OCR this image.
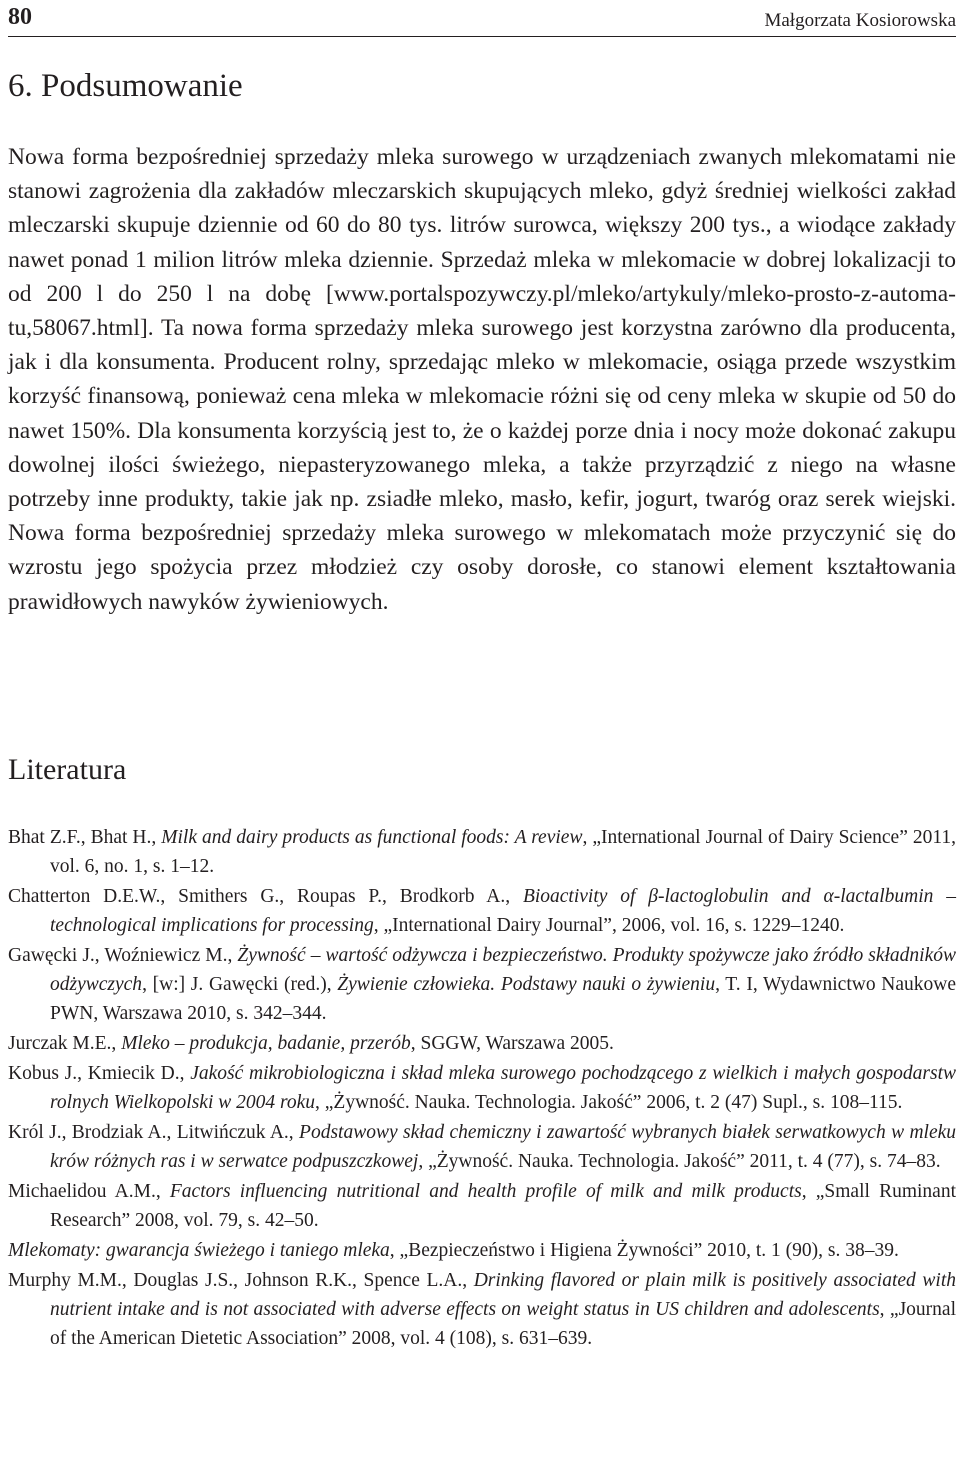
80	Małgorzata Kosiorowska
6. Podsumowanie

Nowa forma bezpośredniej sprzedaży mleka surowego w urządzeniach zwanych mlekomatami nie stanowi zagrożenia dla zakładów mleczarskich skupujących mleko, gdyż średniej wielkości zakład mleczarski skupuje dziennie od 60 do 80 tys. litrów surowca, większy 200 tys., a wiodące zakłady nawet ponad 1 milion litrów mleka dziennie. Sprzedaż mleka w mlekomacie w dobrej lokalizacji to od 200 l do 250 l na dobę [www.portalspozywczy.pl/mleko/artykuly/mleko-prosto-z-automatu,58067.html]. Ta nowa forma sprzedaży mleka surowego jest korzystna zarówno dla producenta, jak i dla konsumenta. Producent rolny, sprzedając mleko w mlekomacie, osiąga przede wszystkim korzyść finansową, ponieważ cena mleka w mlekomacie różni się od ceny mleka w skupie od 50 do nawet 150%. Dla konsumenta korzyścią jest to, że o każdej porze dnia i nocy może dokonać zakupu dowolnej ilości świeżego, niepasteryzowanego mleka, a także przyrządzić z niego na własne potrzeby inne produkty, takie jak np. zsiadłe mleko, masło, kefir, jogurt, twaróg oraz serek wiejski. Nowa forma bezpośredniej sprzedaży mleka surowego w mlekomatach może przyczynić się do wzrostu jego spożycia przez młodzież czy osoby dorosłe, co stanowi element kształtowania prawidłowych nawyków żywieniowych.

Literatura
Bhat Z.F., Bhat H., Milk and dairy products as functional foods: A review, „International Journal of Dairy Science” 2011, vol. 6, no. 1, s. 1–12.
Chatterton D.E.W., Smithers G., Roupas P., Brodkorb A., Bioactivity of β-lactoglobulin and α-lactalbumin – technological implications for processing, „International Dairy Journal”, 2006, vol. 16, s. 1229–1240.
Gawęcki J., Woźniewicz M., Żywność – wartość odżywcza i bezpieczeństwo. Produkty spożywcze jako źródło składników odżywczych, [w:] J. Gawęcki (red.), Żywienie człowieka. Podstawy nauki o żywieniu, T. I, Wydawnictwo Naukowe PWN, Warszawa 2010, s. 342–344.
Jurczak M.E., Mleko – produkcja, badanie, przerób, SGGW, Warszawa 2005.
Kobus J., Kmiecik D., Jakość mikrobiologiczna i skład mleka surowego pochodzącego z wielkich i małych gospodarstw rolnych Wielkopolski w 2004 roku, „Żywność. Nauka. Technologia. Jakość” 2006, t. 2 (47) Supl., s. 108–115.
Król J., Brodziak A., Litwińczuk A., Podstawowy skład chemiczny i zawartość wybranych białek serwatkowych w mleku krów różnych ras i w serwatce podpuszczkowej, „Żywność. Nauka. Technologia. Jakość” 2011, t. 4 (77), s. 74–83.
Michaelidou A.M., Factors influencing nutritional and health profile of milk and milk products, „Small Ruminant Research” 2008, vol. 79, s. 42–50.
Mlekomaty: gwarancja świeżego i taniego mleka, „Bezpieczeństwo i Higiena Żywności” 2010, t. 1 (90), s. 38–39.
Murphy M.M., Douglas J.S., Johnson R.K., Spence L.A., Drinking flavored or plain milk is positively associated with nutrient intake and is not associated with adverse effects on weight status in US children and adolescents, „Journal of the American Dietetic Association” 2008, vol. 4 (108), s. 631–639.
